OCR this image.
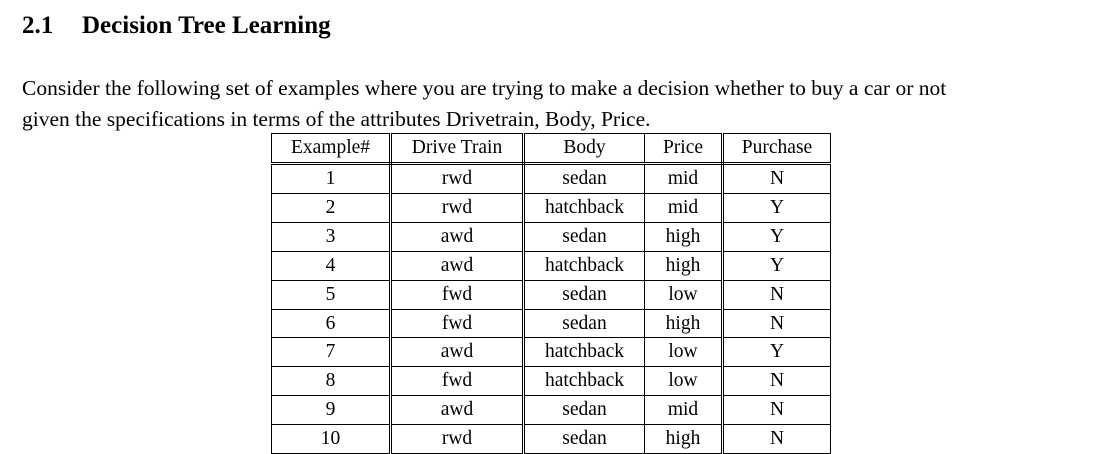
2.1 Decision Tree Learning
Consider the following set of examples where you are trying to make a decision whether to buy a car or not
given the specifications in terms of the attributes Drivetrain, Body, Price.
Example#	Drive Train	Body	Price	Purchase
1	rwd	sedan	mid	N
2	rwd	hatchback	mid	Y
3	awd	sedan	high	Y
4	awd	hatchback	high	Y
5	fwd	sedan	low	N
6	fwd	sedan	high	N
7	awd	hatchback	low	Y
8	fwd	hatchback	low	N
9	awd	sedan	mid	N
10	rwd	sedan	high	N
